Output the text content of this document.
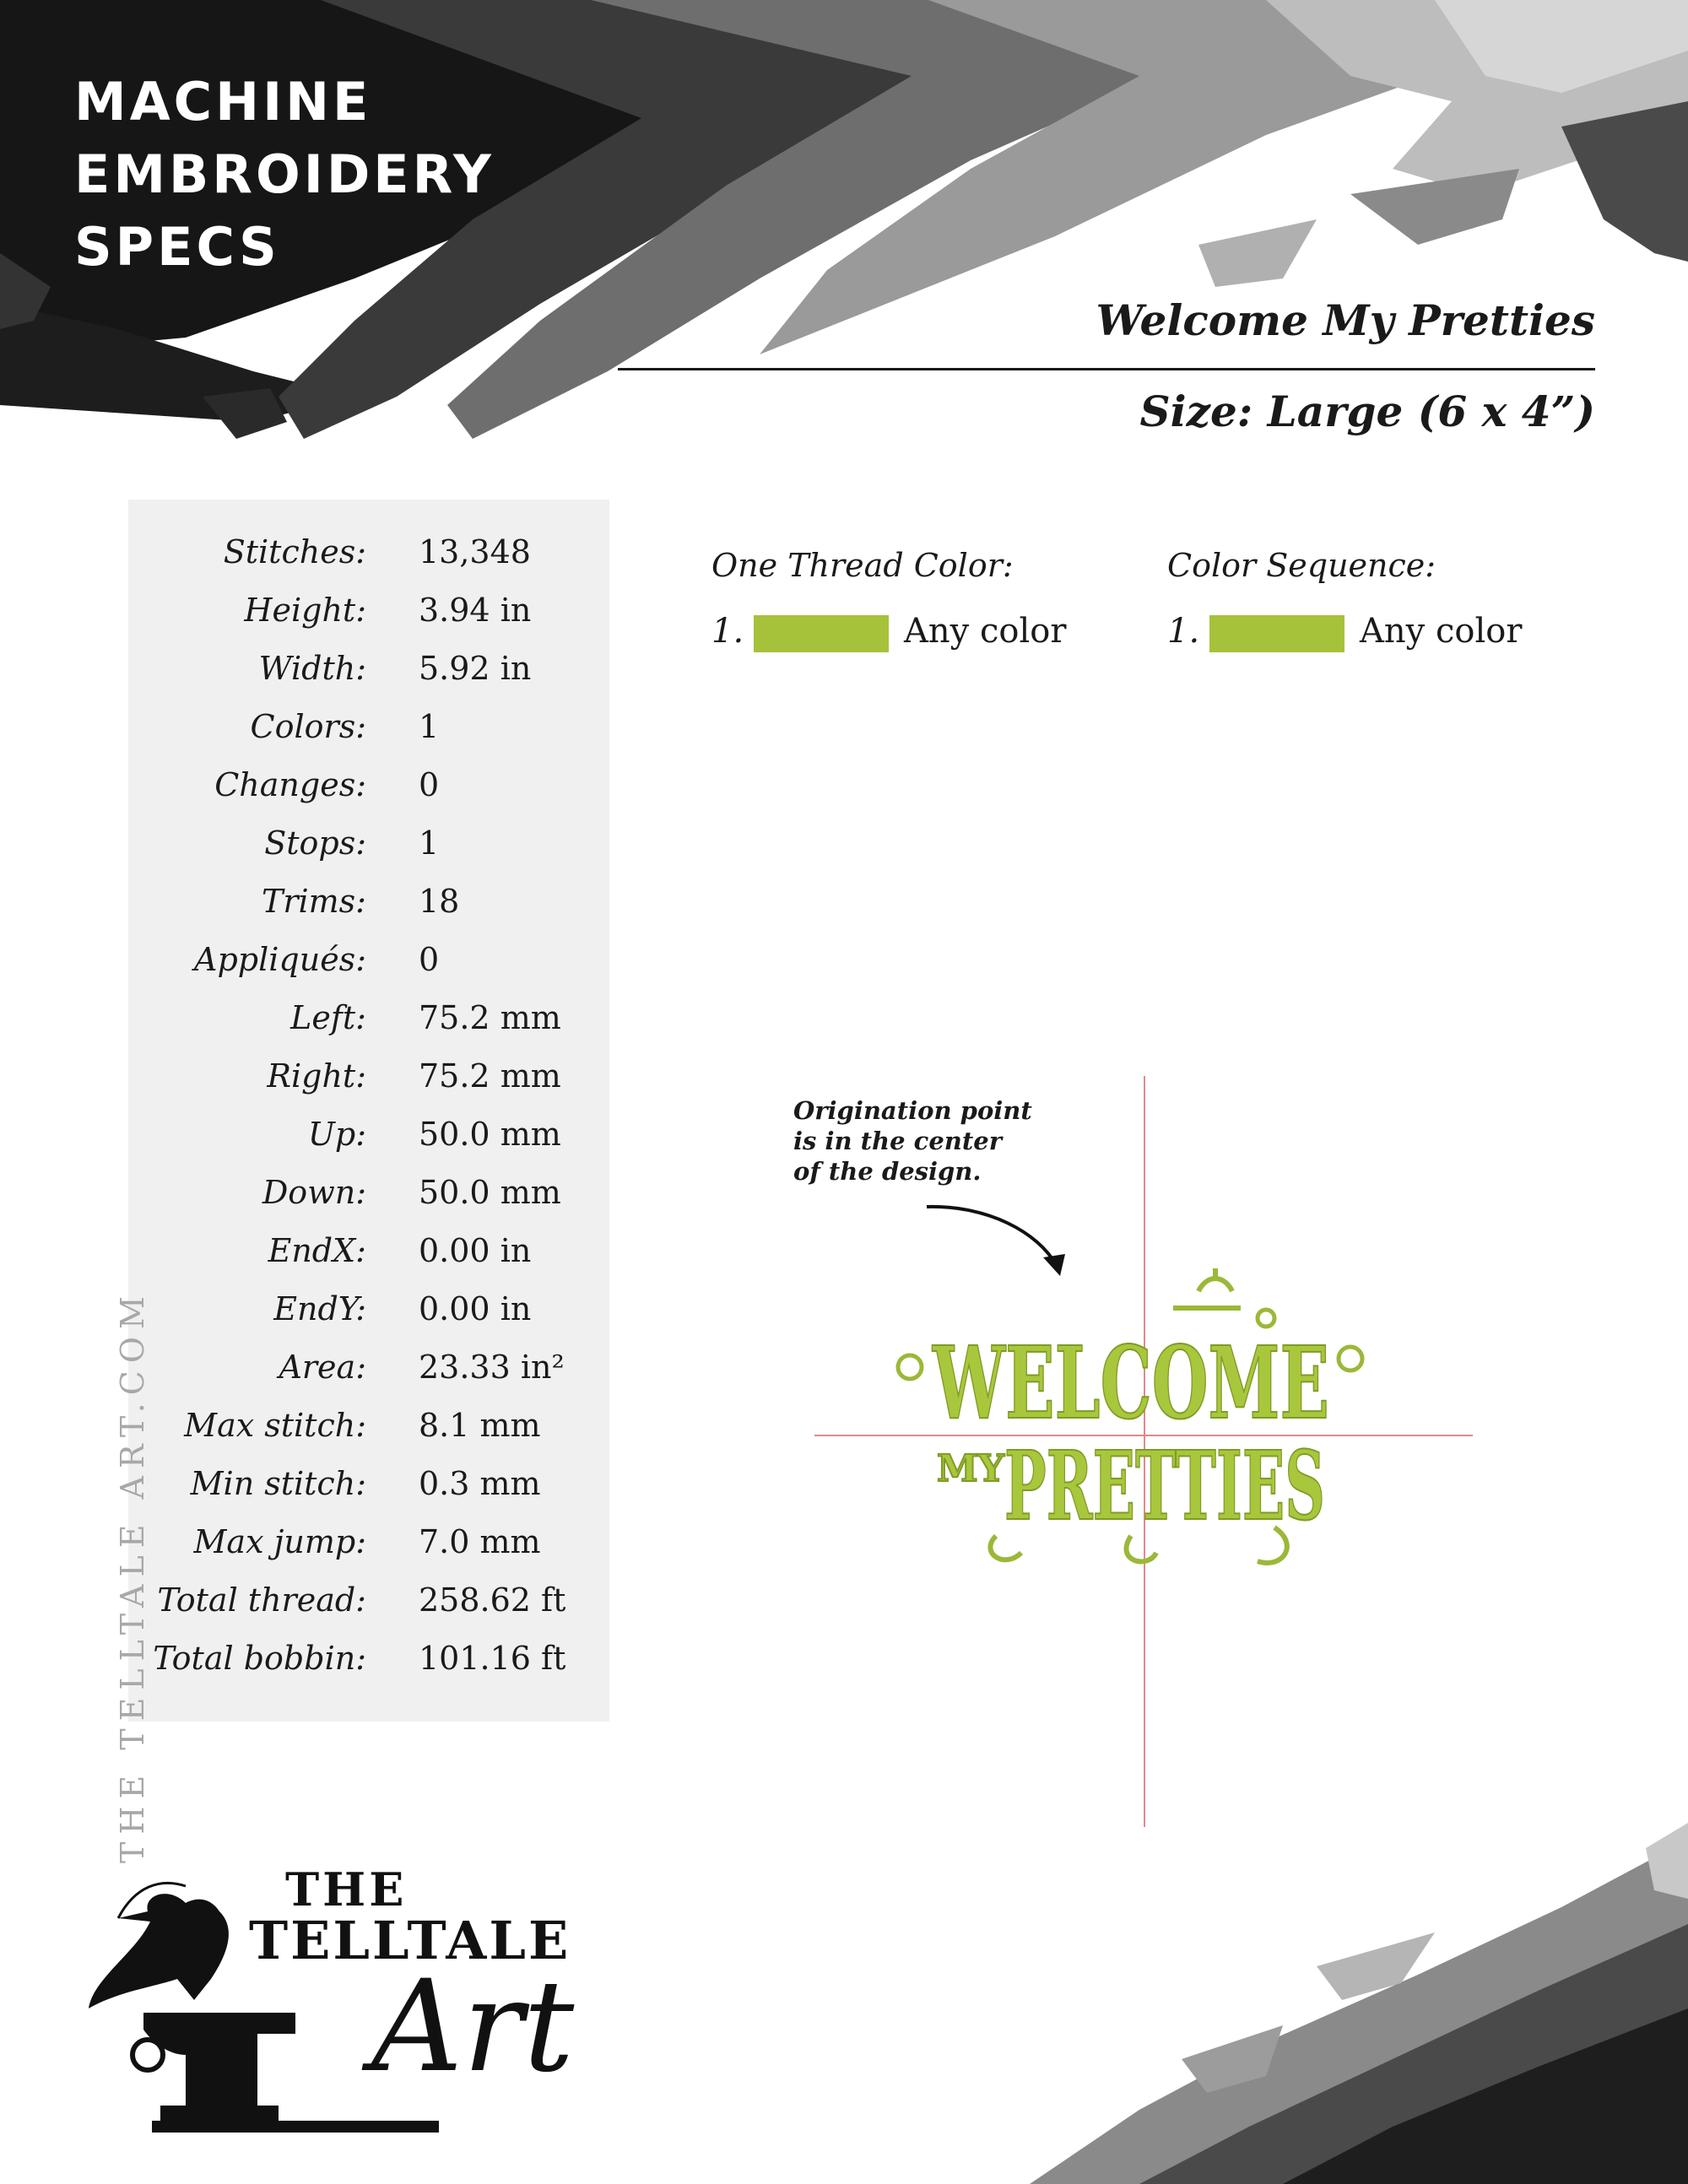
MACHINE
EMBROIDERY
SPECS
Welcome My Pretties
Size: Large (6 x 4”)
Stitches: 13,348
Height: 3.94 in
Width: 5.92 in
Colors: 1
Changes: 0
Stops: 1
Trims: 18
Appliqués: 0
Left: 75.2 mm
Right: 75.2 mm
Up: 50.0 mm
Down: 50.0 mm
EndX: 0.00 in
EndY: 0.00 in
Area: 23.33 in²
Max stitch: 8.1 mm
Min stitch: 0.3 mm
Max jump: 7.0 mm
Total thread: 258.62 ft
Total bobbin: 101.16 ft
One Thread Color:
1.	Any color
Color Sequence:
1.	Any color
Origination point
is in the center
of the design.
WELCOME
MY PRETTIES
THE TELLTALE ART.COM
THE
TELLTALE
Art
